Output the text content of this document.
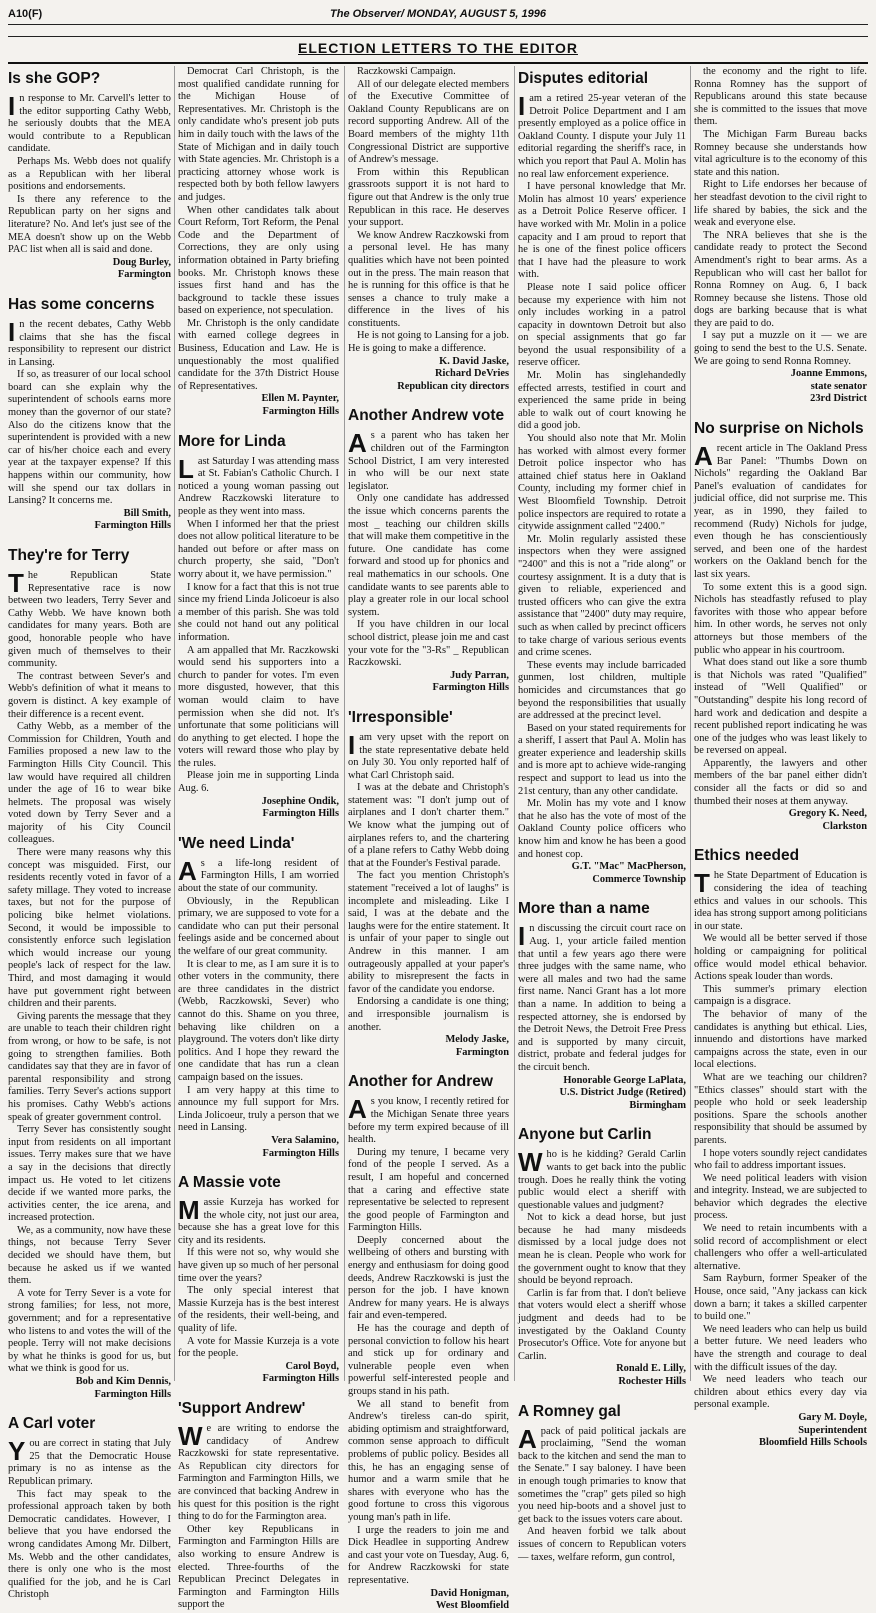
A10(F)	The Observer/ MONDAY, AUGUST 5, 1996
ELECTION LETTERS TO THE EDITOR
Is she GOP?

In response to Mr. Carvell's letter to the editor supporting Cathy Webb, he seriously doubts that the MEA would contribute to a Republican candidate.

Perhaps Ms. Webb does not qualify as a Republican with her liberal positions and endorsements.

Is there any reference to the Republican party on her signs and literature? No. And let's just see of the MEA doesn't show up on the Webb PAC list when all is said and done.

Doug Burley,
Farmington
Has some concerns

In the recent debates, Cathy Webb claims that she has the fiscal responsibility to represent our district in Lansing.

If so, as treasurer of our local school board can she explain why the superintendent of schools earns more money than the governor of our state? Also do the citizens know that the superintendent is provided with a new car of his/her choice each and every year at the taxpayer expense? If this happens within our community, how will she spend our tax dollars in Lansing? It concerns me.

Bill Smith,
Farmington Hills
They're for Terry

The Republican State Representative race is now between two leaders, Terry Sever and Cathy Webb. We have known both candidates for many years. Both are good, honorable people who have given much of themselves to their community.

The contrast between Sever's and Webb's definition of what it means to govern is distinct. A key example of their difference is a recent event.

Cathy Webb, as a member of the Commission for Children, Youth and Families proposed a new law to the Farmington Hills City Council. This law would have required all children under the age of 16 to wear bike helmets. The proposal was wisely voted down by Terry Sever and a majority of his City Council colleagues.

There were many reasons why this concept was misguided. First, our residents recently voted in favor of a safety millage. They voted to increase taxes, but not for the purpose of policing bike helmet violations. Second, it would be impossible to consistently enforce such legislation which would increase our young people's lack of respect for the law. Third, and most damaging it would have put government right between children and their parents.

Giving parents the message that they are unable to teach their children right from wrong, or how to be safe, is not going to strengthen families. Both candidates say that they are in favor of parental responsibility and strong families. Terry Sever's actions support his promises. Cathy Webb's actions speak of greater government control.

Terry Sever has consistently sought input from residents on all important issues. Terry makes sure that we have a say in the decisions that directly impact us. He voted to let citizens decide if we wanted more parks, the activities center, the ice arena, and increased protection.

We, as a community, now have these things, not because Terry Sever decided we should have them, but because he asked us if we wanted them.

A vote for Terry Sever is a vote for strong families; for less, not more, government; and for a representative who listens to and votes the will of the people. Terry will not make decisions by what he thinks is good for us, but what we think is good for us.

Bob and Kim Dennis,
Farmington Hills
A Carl voter

You are correct in stating that July 25 that the Democratic House primary is no as intense as the Republican primary.

This fact may speak to the professional approach taken by both Democratic candidates. However, I believe that you have endorsed the wrong candidates Among Mr. Dilbert, Ms. Webb and the other candidates, there is only one who is the most qualified for the job, and he is Carl Christoph

Democrat Carl Christoph, is the most qualified candidate running for the Michigan House of Representatives. Mr. Christoph is the only candidate who's present job puts him in daily touch with the laws of the State of Michigan and in daily touch with State agencies. Mr. Christoph is a practicing attorney whose work is respected both by both fellow lawyers and judges.

When other candidates talk about Court Reform, Tort Reform, the Penal Code and the Department of Corrections, they are only using information obtained in Party briefing books. Mr. Christoph knows these issues first hand and has the background to tackle these issues based on experience, not speculation.

Mr. Christoph is the only candidate with earned college degrees in Business, Education and Law. He is unquestionably the most qualified candidate for the 37th District House of Representatives.

Ellen M. Paynter,
Farmington Hills
More for Linda

Last Saturday I was attending mass at St. Fabian's Catholic Church. I noticed a young woman passing out Andrew Raczkowski literature to people as they went into mass.

When I informed her that the priest does not allow political literature to be handed out before or after mass on church property, she said, "Don't worry about it, we have permission."

I know for a fact that this is not true since my friend Linda Jolicoeur is also a member of this parish. She was told she could not hand out any political information.

A am appalled that Mr. Raczkowski would send his supporters into a church to pander for votes. I'm even more disgusted, however, that this woman would claim to have permission when she did not. It's unfortunate that some politicians will do anything to get elected. I hope the voters will reward those who play by the rules.

Please join me in supporting Linda Aug. 6.

Josephine Ondik,
Farmington Hills
'We need Linda'

As a life-long resident of Farmington Hills, I am worried about the state of our community.

Obviously, in the Republican primary, we are supposed to vote for a candidate who can put their personal feelings aside and be concerned about the welfare of our great community.

It is clear to me, as I am sure it is to other voters in the community, there are three candidates in the district (Webb, Raczkowski, Sever) who cannot do this. Shame on you three, behaving like children on a playground. The voters don't like dirty politics. And I hope they reward the one candidate that has run a clean campaign based on the issues.

I am very happy at this time to announce my full support for Mrs. Linda Jolicoeur, truly a person that we need in Lansing.

Vera Salamino,
Farmington Hills
A Massie vote

Massie Kurzeja has worked for the whole city, not just our area, because she has a great love for this city and its residents.

If this were not so, why would she have given up so much of her personal time over the years?

The only special interest that Massie Kurzeja has is the best interest of the residents, their well-being, and quality of life.

A vote for Massie Kurzeja is a vote for the people.

Carol Boyd,
Farmington Hills
'Support Andrew'

We are writing to endorse the candidacy of Andrew Raczkowski for state representative. As Republican city directors for Farmington and Farmington Hills, we are convinced that backing Andrew in his quest for this position is the right thing to do for the Farmington area.

Other key Republicans in Farmington and Farmington Hills are also working to ensure Andrew is elected. Three-fourths of the Republican Precinct Delegates in Farmington and Farmington Hills support the

Raczkowski Campaign.

All of our delegate elected members of the Executive Committee of Oakland County Republicans are on record supporting Andrew. All of the Board members of the mighty 11th Congressional District are supportive of Andrew's message.

From within this Republican grassroots support it is not hard to figure out that Andrew is the only true Republican in this race. He deserves your support.

We know Andrew Raczkowski from a personal level. He has many qualities which have not been pointed out in the press. The main reason that he is running for this office is that he senses a chance to truly make a difference in the lives of his constituents.

He is not going to Lansing for a job. He is going to make a difference.

K. David Jaske,
Richard DeVries
Republican city directors
Another Andrew vote

As a parent who has taken her children out of the Farmington School District, I am very interested in who will be our next state legislator.

Only one candidate has addressed the issue which concerns parents the most _ teaching our children skills that will make them competitive in the future. One candidate has come forward and stood up for phonics and real mathematics in our schools. One candidate wants to see parents able to play a greater role in our local school system.

If you have children in our local school district, please join me and cast your vote for the "3-Rs" _ Republican Raczkowski.

Judy Parran,
Farmington Hills
'Irresponsible'

I am very upset with the report on the state representative debate held on July 30. You only reported half of what Carl Christoph said.

I was at the debate and Christoph's statement was: "I don't jump out of airplanes and I don't charter them." We know what the jumping out of airplanes refers to, and the chartering of a plane refers to Cathy Webb doing that at the Founder's Festival parade.

The fact you mention Christoph's statement "received a lot of laughs" is incomplete and misleading. Like I said, I was at the debate and the laughs were for the entire statement. It is unfair of your paper to single out Andrew in this manner. I am outrageously appalled at your paper's ability to misrepresent the facts in favor of the candidate you endorse.

Endorsing a candidate is one thing; and irresponsible journalism is another.

Melody Jaske,
Farmington
Another for Andrew

As you know, I recently retired for the Michigan Senate three years before my term expired because of ill health.

During my tenure, I became very fond of the people I served. As a result, I am hopeful and concerned that a caring and effective state representative be selected to represent the good people of Farmington and Farmington Hills.

Deeply concerned about the wellbeing of others and bursting with energy and enthusiasm for doing good deeds, Andrew Raczkowski is just the person for the job. I have known Andrew for many years. He is always fair and even-tempered.

He has the courage and depth of personal conviction to follow his heart and stick up for ordinary and vulnerable people even when powerful self-interested people and groups stand in his path.

We all stand to benefit from Andrew's tireless can-do spirit, abiding optimism and straightforward, common sense approach to difficult problems of public policy. Besides all this, he has an engaging sense of humor and a warm smile that he shares with everyone who has the good fortune to cross this vigorous young man's path in life.

I urge the readers to join me and Dick Headlee in supporting Andrew and cast your vote on Tuesday, Aug. 6, for Andrew Raczkowski for state representative.

David Honigman,
West Bloomfield
Disputes editorial

I am a retired 25-year veteran of the Detroit Police Department and I am presently employed as a police office in Oakland County. I dispute your July 11 editorial regarding the sheriff's race, in which you report that Paul A. Molin has no real law enforcement experience.

I have personal knowledge that Mr. Molin has almost 10 years' experience as a Detroit Police Reserve officer. I have worked with Mr. Molin in a police capacity and I am proud to report that he is one of the finest police officers that I have had the pleasure to work with.

Please note I said police officer because my experience with him not only includes working in a patrol capacity in downtown Detroit but also on special assignments that go far beyond the usual responsibility of a reserve officer.

Mr. Molin has singlehandedly effected arrests, testified in court and experienced the same pride in being able to walk out of court knowing he did a good job.

You should also note that Mr. Molin has worked with almost every former Detroit police inspector who has attained chief status here in Oakland County, including my former chief in West Bloomfield Township. Detroit police inspectors are required to rotate a citywide assignment called "2400."

Mr. Molin regularly assisted these inspectors when they were assigned "2400" and this is not a "ride along" or courtesy assignment. It is a duty that is given to reliable, experienced and trusted officers who can give the extra assistance that "2400" duty may require, such as when called by precinct officers to take charge of various serious events and crime scenes.

These events may include barricaded gunmen, lost children, multiple homicides and circumstances that go beyond the responsibilities that usually are addressed at the precinct level.

Based on your stated requirements for a sheriff, I assert that Paul A. Molin has greater experience and leadership skills and is more apt to achieve wide-ranging respect and support to lead us into the 21st century, than any other candidate.

Mr. Molin has my vote and I know that he also has the vote of most of the Oakland County police officers who know him and know he has been a good and honest cop.

G.T. "Mac" MacPherson,
Commerce Township
More than a name

In discussing the circuit court race on Aug. 1, your article failed mention that until a few years ago there were three judges with the same name, who were all males and two had the same first name. Nanci Grant has a lot more than a name. In addition to being a respected attorney, she is endorsed by the Detroit News, the Detroit Free Press and is supported by many circuit, district, probate and federal judges for the circuit bench.

Honorable George LaPlata,
U.S. District Judge (Retired)
Birmingham
Anyone but Carlin

Who is he kidding? Gerald Carlin wants to get back into the public trough. Does he really think the voting public would elect a sheriff with questionable values and judgment?

Not to kick a dead horse, but just because he had many misdeeds dismissed by a local judge does not mean he is clean. People who work for the government ought to know that they should be beyond reproach.

Carlin is far from that. I don't believe that voters would elect a sheriff whose judgment and deeds had to be investigated by the Oakland County Prosecutor's Office. Vote for anyone but Carlin.

Ronald E. Lilly,
Rochester Hills
A Romney gal

A pack of paid political jackals are proclaiming, "Send the woman back to the kitchen and send the man to the Senate." I say baloney. I have been in enough tough primaries to know that sometimes the "crap" gets piled so high you need hip-boots and a shovel just to get back to the issues voters care about.

And heaven forbid we talk about issues of concern to Republican voters — taxes, welfare reform, gun control,

the economy and the right to life. Ronna Romney has the support of Republicans around this state because she is committed to the issues that move them.

The Michigan Farm Bureau backs Romney because she understands how vital agriculture is to the economy of this state and this nation.

Right to Life endorses her because of her steadfast devotion to the civil right to life shared by babies, the sick and the weak and everyone else.

The NRA believes that she is the candidate ready to protect the Second Amendment's right to bear arms. As a Republican who will cast her ballot for Ronna Romney on Aug. 6, I back Romney because she listens. Those old dogs are barking because that is what they are paid to do.

I say put a muzzle on it — we are going to send the best to the U.S. Senate. We are going to send Ronna Romney.

Joanne Emmons,
state senator
23rd District
No surprise on Nichols

A recent article in The Oakland Press Bar Panel: "Thumbs Down on Nichols" regarding the Oakland Bar Panel's evaluation of candidates for judicial office, did not surprise me. This year, as in 1990, they failed to recommend (Rudy) Nichols for judge, even though he has conscientiously served, and been one of the hardest workers on the Oakland bench for the last six years.

To some extent this is a good sign. Nichols has steadfastly refused to play favorites with those who appear before him. In other words, he serves not only attorneys but those members of the public who appear in his courtroom.

What does stand out like a sore thumb is that Nichols was rated "Qualified" instead of "Well Qualified" or "Outstanding" despite his long record of hard work and dedication and despite a recent published report indicating he was one of the judges who was least likely to be reversed on appeal.

Apparently, the lawyers and other members of the bar panel either didn't consider all the facts or did so and thumbed their noses at them anyway.

Gregory K. Need,
Clarkston
Ethics needed

The State Department of Education is considering the idea of teaching ethics and values in our schools. This idea has strong support among politicians in our state.

We would all be better served if those holding or campaigning for political office would model ethical behavior. Actions speak louder than words.

This summer's primary election campaign is a disgrace.

The behavior of many of the candidates is anything but ethical. Lies, innuendo and distortions have marked campaigns across the state, even in our local elections.

What are we teaching our children? "Ethics classes" should start with the people who hold or seek leadership positions. Spare the schools another responsibility that should be assumed by parents.

I hope voters soundly reject candidates who fail to address important issues.

We need political leaders with vision and integrity. Instead, we are subjected to behavior which degrades the elective process.

We need to retain incumbents with a solid record of accomplishment or elect challengers who offer a well-articulated alternative.

Sam Rayburn, former Speaker of the House, once said, "Any jackass can kick down a barn; it takes a skilled carpenter to build one."

We need leaders who can help us build a better future. We need leaders who have the strength and courage to deal with the difficult issues of the day.

We need leaders who teach our children about ethics every day via personal example.

Gary M. Doyle,
Superintendent
Bloomfield Hills Schools
